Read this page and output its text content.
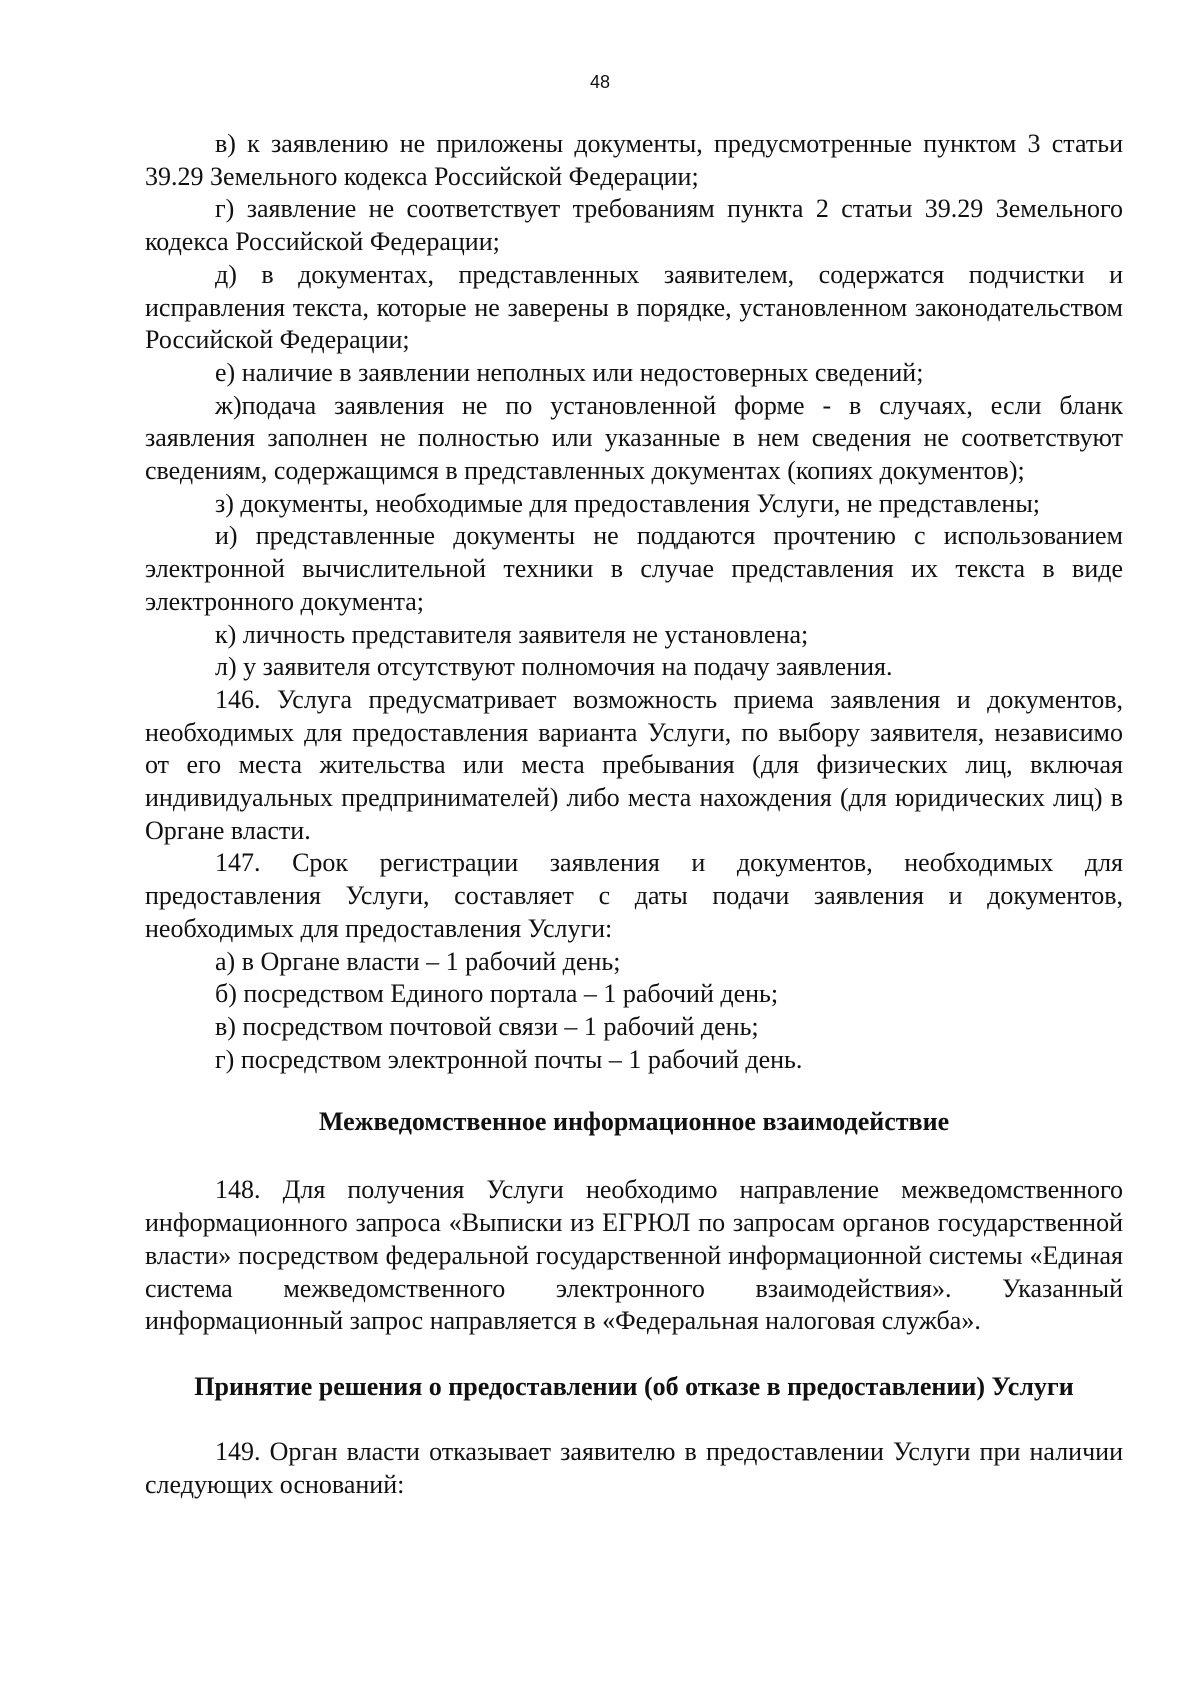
48

в) к заявлению не приложены документы, предусмотренные пунктом 3 статьи 39.29 Земельного кодекса Российской Федерации;

г) заявление не соответствует требованиям пункта 2 статьи 39.29 Земельного кодекса Российской Федерации;

д) в документах, представленных заявителем, содержатся подчистки и исправления текста, которые не заверены в порядке, установленном законодательством Российской Федерации;

е) наличие в заявлении неполных или недостоверных сведений;

ж)подача заявления не по установленной форме - в случаях, если бланк заявления заполнен не полностью или указанные в нем сведения не соответствуют сведениям, содержащимся в представленных документах (копиях документов);

з) документы, необходимые для предоставления Услуги, не представлены;

и) представленные документы не поддаются прочтению с использованием электронной вычислительной техники в случае представления их текста в виде электронного документа;

к) личность представителя заявителя не установлена;

л) у заявителя отсутствуют полномочия на подачу заявления.

146. Услуга предусматривает возможность приема заявления и документов, необходимых для предоставления варианта Услуги, по выбору заявителя, независимо от его места жительства или места пребывания (для физических лиц, включая индивидуальных предпринимателей) либо места нахождения (для юридических лиц) в Органе власти.

147. Срок регистрации заявления и документов, необходимых для предоставления Услуги, составляет с даты подачи заявления и документов, необходимых для предоставления Услуги:

а) в Органе власти – 1 рабочий день;

б) посредством Единого портала – 1 рабочий день;

в) посредством почтовой связи – 1 рабочий день;

г) посредством электронной почты – 1 рабочий день.

Межведомственное информационное взаимодействие

148. Для получения Услуги необходимо направление межведомственного информационного запроса «Выписки из ЕГРЮЛ по запросам органов государственной власти» посредством федеральной государственной информационной системы «Единая система межведомственного электронного взаимодействия». Указанный информационный запрос направляется в «Федеральная налоговая служба».

Принятие решения о предоставлении (об отказе в предоставлении) Услуги

149. Орган власти отказывает заявителю в предоставлении Услуги при наличии следующих оснований:
